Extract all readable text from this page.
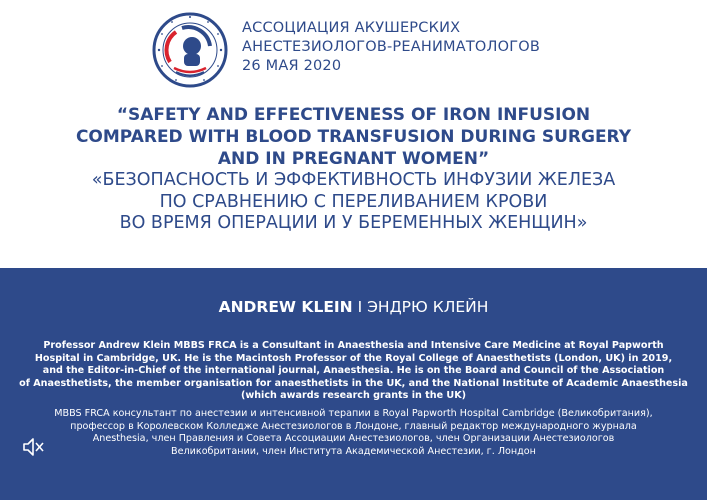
АССОЦИАЦИЯ АКУШЕРСКИХ
АНЕСТЕЗИОЛОГОВ-РЕАНИМАТОЛОГОВ
26 МАЯ 2020
“SAFETY AND EFFECTIVENESS OF IRON INFUSION
COMPARED WITH BLOOD TRANSFUSION DURING SURGERY
AND IN PREGNANT WOMEN”
«БЕЗОПАСНОСТЬ И ЭФФЕКТИВНОСТЬ ИНФУЗИИ ЖЕЛЕЗА
ПО СРАВНЕНИЮ С ПЕРЕЛИВАНИЕМ КРОВИ
ВО ВРЕМЯ ОПЕРАЦИИ И У БЕРЕМЕННЫХ ЖЕНЩИН»
ANDREW KLEIN I ЭНДРЮ КЛЕЙН
Professor Andrew Klein MBBS FRCA is a Consultant in Anaesthesia and Intensive Care Medicine at Royal Papworth
Hospital in Cambridge, UK. He is the Macintosh Professor of the Royal College of Anaesthetists (London, UK) in 2019,
and the Editor-in-Chief of the international journal, Anaesthesia. He is on the Board and Council of the Association
of Anaesthetists, the member organisation for anaesthetists in the UK, and the National Institute of Academic Anaesthesia
(which awards research grants in the UK)
MBBS FRCA консультант по анестезии и интенсивной терапии в Royal Papworth Hospital Cambridge (Великобритания),
профессор в Королевском Колледже Анестезиологов в Лондоне, главный редактор международного журнала
Anesthesia, член Правления и Совета Ассоциации Анестезиологов, член Организации Анестезиологов
Великобритании, член Института Академической Анестезии, г. Лондон
